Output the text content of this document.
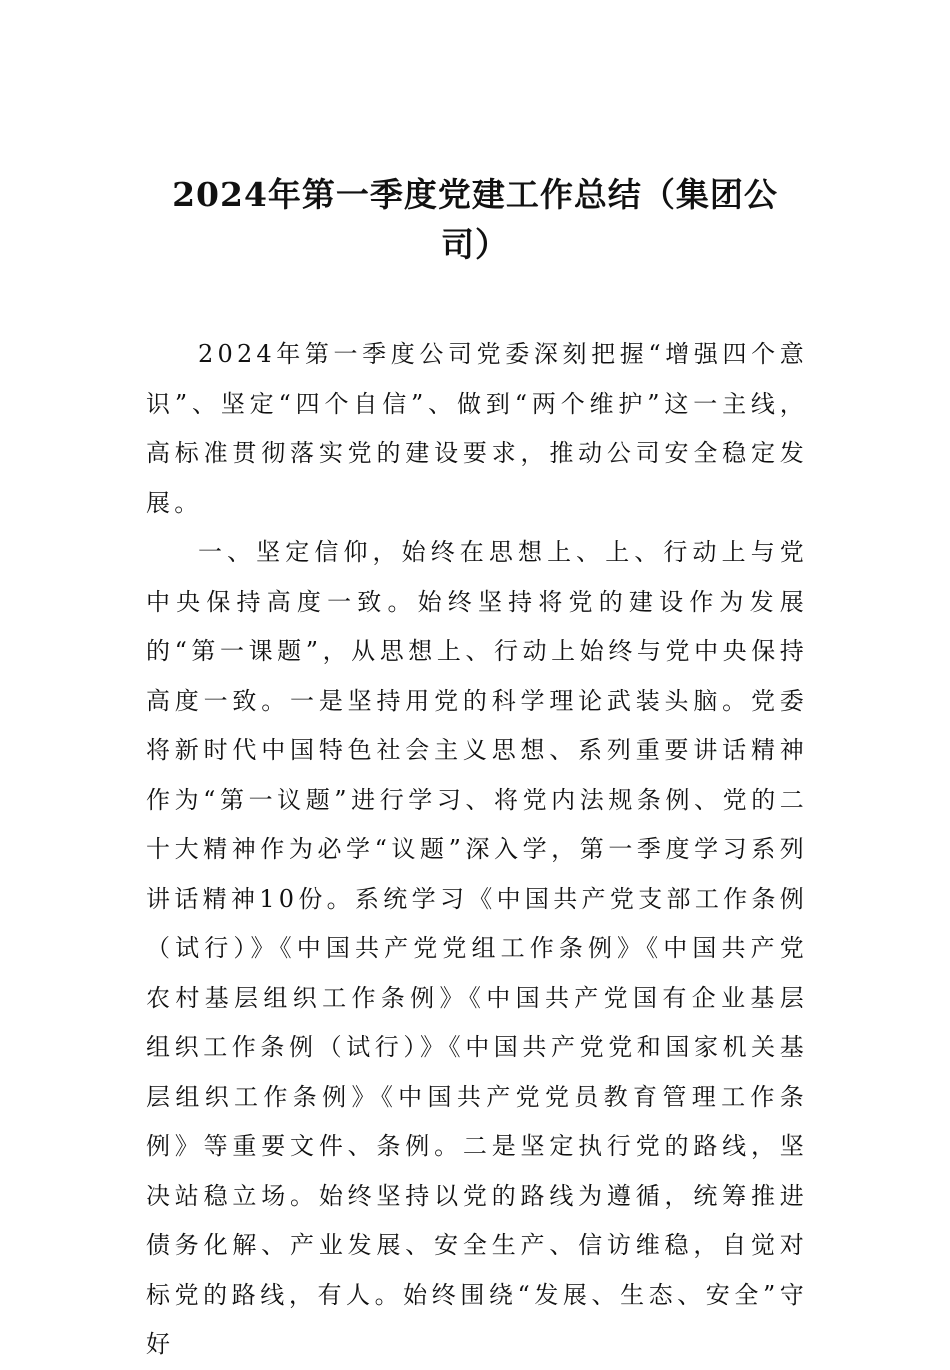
2024年第一季度党建工作总结（集团公司）

2024年第一季度公司党委深刻把握“增强四个意识”、坚定“四个自信”、做到“两个维护”这一主线，高标准贯彻落实党的建设要求，推动公司安全稳定发展。

一、坚定信仰，始终在思想上、上、行动上与党中央保持高度一致。始终坚持将党的建设作为发展的“第一课题”，从思想上、行动上始终与党中央保持高度一致。一是坚持用党的科学理论武装头脑。党委将新时代中国特色社会主义思想、系列重要讲话精神作为“第一议题”进行学习、将党内法规条例、党的二十大精神作为必学“议题”深入学，第一季度学习系列讲话精神10份。系统学习《中国共产党支部工作条例（试行）》《中国共产党党组工作条例》《中国共产党农村基层组织工作条例》《中国共产党国有企业基层组织工作条例（试行）》《中国共产党党和国家机关基层组织工作条例》《中国共产党党员教育管理工作条例》等重要文件、条例。二是坚定执行党的路线，坚决站稳立场。始终坚持以党的路线为遵循，统筹推进债务化解、产业发展、安全生产、信访维稳，自觉对标党的路线，有人。始终围绕“发展、生态、安全”守好
